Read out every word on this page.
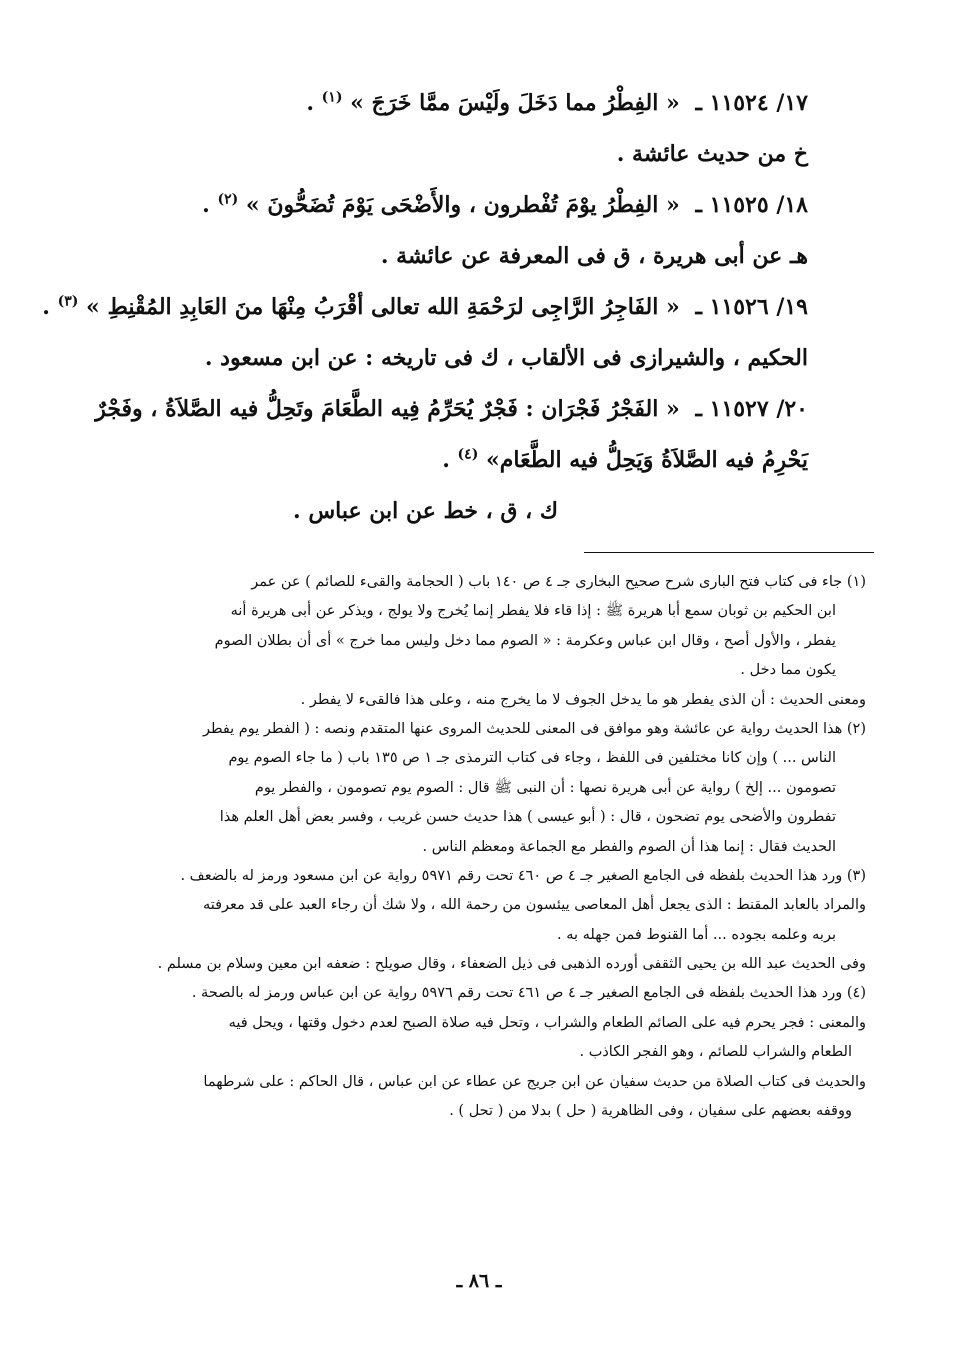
١٧/ ١١٥٢٤ ـ « الفِطْرُ مما دَخَلَ ولَيْسَ ممَّا خَرَجَ » $^{(١)}$ .

خ من حديث عائشة .

١٨/ ١١٥٢٥ ـ « الفِطْرُ يوْمَ تُفْطرون ، والأَضْحَى يَوْمَ تُضَحُّونَ » $^{(٢)}$ .

هـ عن أبى هريرة ، ق فى المعرفة عن عائشة .

١٩/ ١١٥٢٦ ـ « الفَاجِرُ الرَّاجِى لرَحْمَةِ الله تعالى أقْرَبُ مِنْهَا منَ العَابِدِ المُقْنِطِ » $^{(٣)}$ .

الحكيم ، والشيرازى فى الألقاب ، ك فى تاريخه : عن ابن مسعود .

٢٠/ ١١٥٢٧ ـ « الفَجْرُ فَجْرَان : فَجْرٌ يُحَرِّمُ فِيه الطَّعَامَ وتَحِلُّ فيه الصَّلاَةُ ، وفَجْرٌ

يَحْرِمُ فيه الصَّلاَةُ وَيَحِلُّ فيه الطَّعَام» $^{(٤)}$ .

ك ، ق ، خط عن ابن عباس .

(١) جاء فى كتاب فتح البارى شرح صحيح البخارى جـ ٤ ص ١٤٠ باب ( الحجامة والقىء للصائم ) عن عمر

ابن الحكيم بن ثوبان سمع أبا هريرة ﷺ : إذا قاء فلا يفطر إنما يُخرج ولا يولج ، ويذكر عن أبى هريرة أنه

يفطر ، والأول أصح ، وقال ابن عباس وعكرمة : « الصوم مما دخل وليس مما خرج » أى أن بطلان الصوم

يكون مما دخل .

ومعنى الحديث : أن الذى يفطر هو ما يدخل الجوف لا ما يخرج منه ، وعلى هذا فالقىء لا يفطر .

(٢) هذا الحديث رواية عن عائشة وهو موافق فى المعنى للحديث المروى عنها المتقدم ونصه : ( الفطر يوم يفطر

الناس ... ) وإن كانا مختلفين فى اللفظ ، وجاء فى كتاب الترمذى جـ ١ ص ١٣٥ باب ( ما جاء الصوم يوم

تصومون ... إلخ ) رواية عن أبى هريرة نصها : أن النبى ﷺ قال : الصوم يوم تصومون ، والفطر يوم

تفطرون والأضحى يوم تضحون ، قال : ( أبو عيسى ) هذا حديث حسن غريب ، وفسر بعض أهل العلم هذا

الحديث فقال : إنما هذا أن الصوم والفطر مع الجماعة ومعظم الناس .

(٣) ورد هذا الحديث بلفظه فى الجامع الصغير جـ ٤ ص ٤٦٠ تحت رقم ٥٩٧١ رواية عن ابن مسعود ورمز له بالضعف .

والمراد بالعابد المقنط : الذى يجعل أهل المعاصى ييئسون من رحمة الله ، ولا شك أن رجاء العبد على قد معرفته

بربه وعلمه بجوده ... أما القنوط فمن جهله به .

وفى الحديث عبد الله بن يحيى الثقفى أورده الذهبى فى ذيل الضعفاء ، وقال صويلح : ضعفه ابن معين وسلام بن مسلم .

(٤) ورد هذا الحديث بلفظه فى الجامع الصغير جـ ٤ ص ٤٦١ تحت رقم ٥٩٧٦ رواية عن ابن عباس ورمز له بالصحة .

والمعنى : فجر يحرم فيه على الصائم الطعام والشراب ، وتحل فيه صلاة الصبح لعدم دخول وقتها ، ويحل فيه

الطعام والشراب للصائم ، وهو الفجر الكاذب .

والحديث فى كتاب الصلاة من حديث سفيان عن ابن جريج عن عطاء عن ابن عباس ، قال الحاكم : على شرطهما

ووقفه بعضهم على سفيان ، وفى الظاهرية ( حل ) بدلا من ( تحل ) .

ـ ٨٦ ـ
